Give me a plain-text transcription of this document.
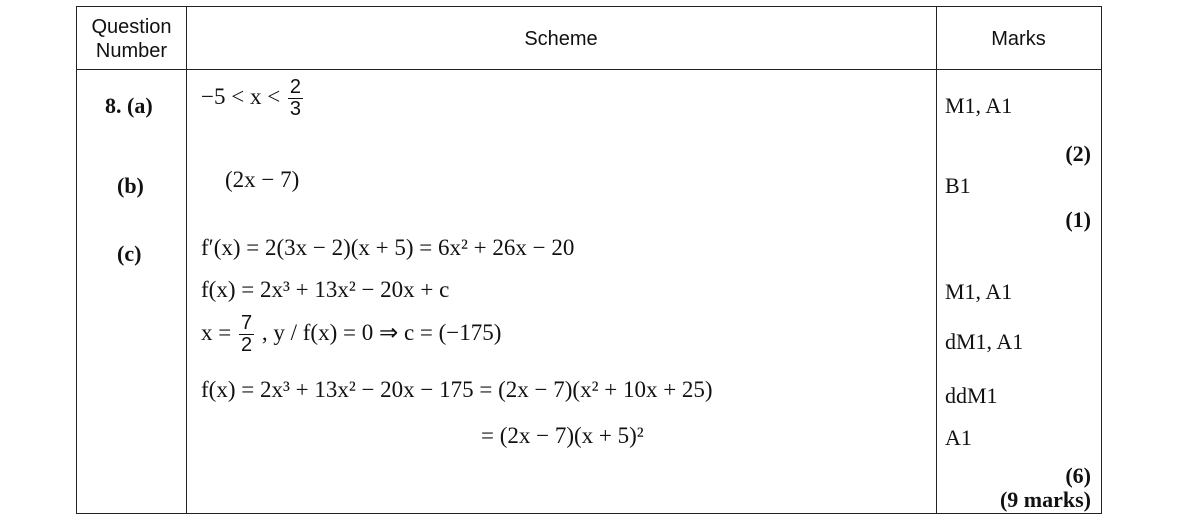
Question
Number
Scheme	Marks
8. (a)
(b)
(c)
$-5 < x < \frac{2}{3}$
(2x − 7)
f′(x) = 2(3x − 2)(x + 5) = 6x² + 26x − 20
f(x) = 2x³ + 13x² − 20x + c
$x = \frac{7}{2}$ , y / f(x) = 0 ⇒ c = (−175)
f(x) = 2x³ + 13x² − 20x − 175 = (2x − 7)(x² + 10x + 25)
= (2x − 7)(x + 5)²
M1, A1
(2)
B1
(1)
M1, A1
dM1, A1
ddM1
A1
(6)
(9 marks)
